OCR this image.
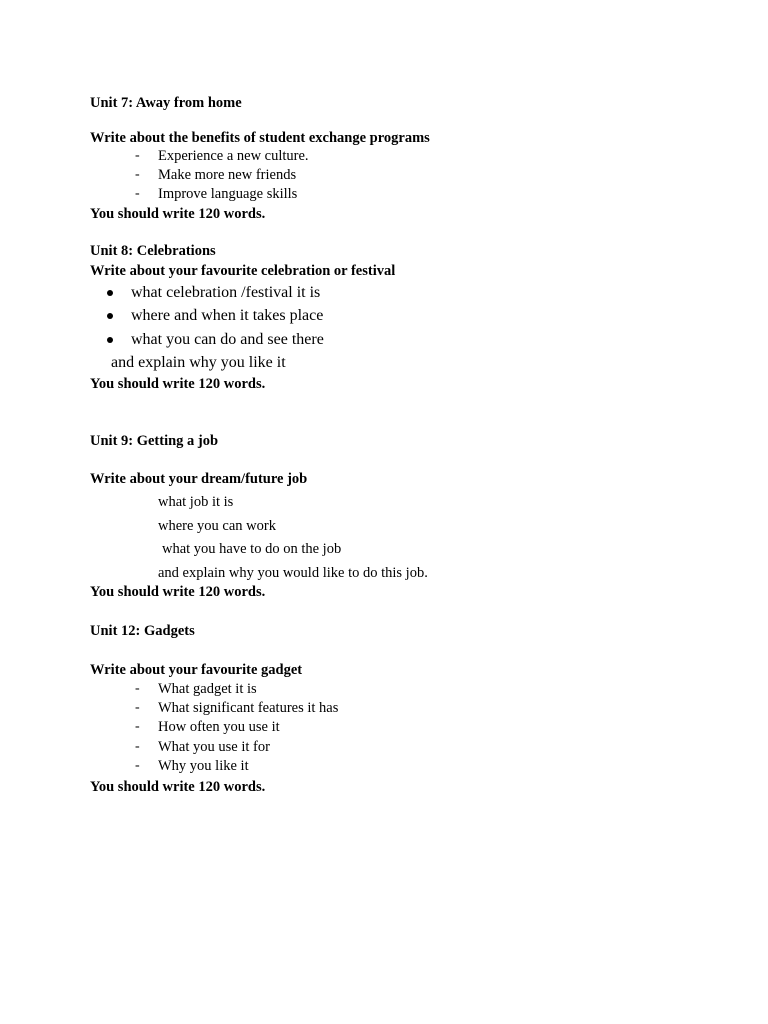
Unit 7: Away from home
Write about the benefits of student exchange programs
- Experience a new culture.
- Make more new friends
- Improve language skills
You should write 120 words.
Unit 8: Celebrations
Write about your favourite celebration or festival
what celebration /festival it is
where and when it takes place
what you can do and see there
and explain why you like it
You should write 120 words.
Unit 9: Getting a job
Write about your dream/future job
what job it is
where you can work
what you have to do on the job
and explain why you would like to do this job.
You should write 120 words.
Unit 12: Gadgets
Write about your favourite gadget
- What gadget it is
- What significant features it has
- How often you use it
- What you use it for
- Why you like it
You should write 120 words.
